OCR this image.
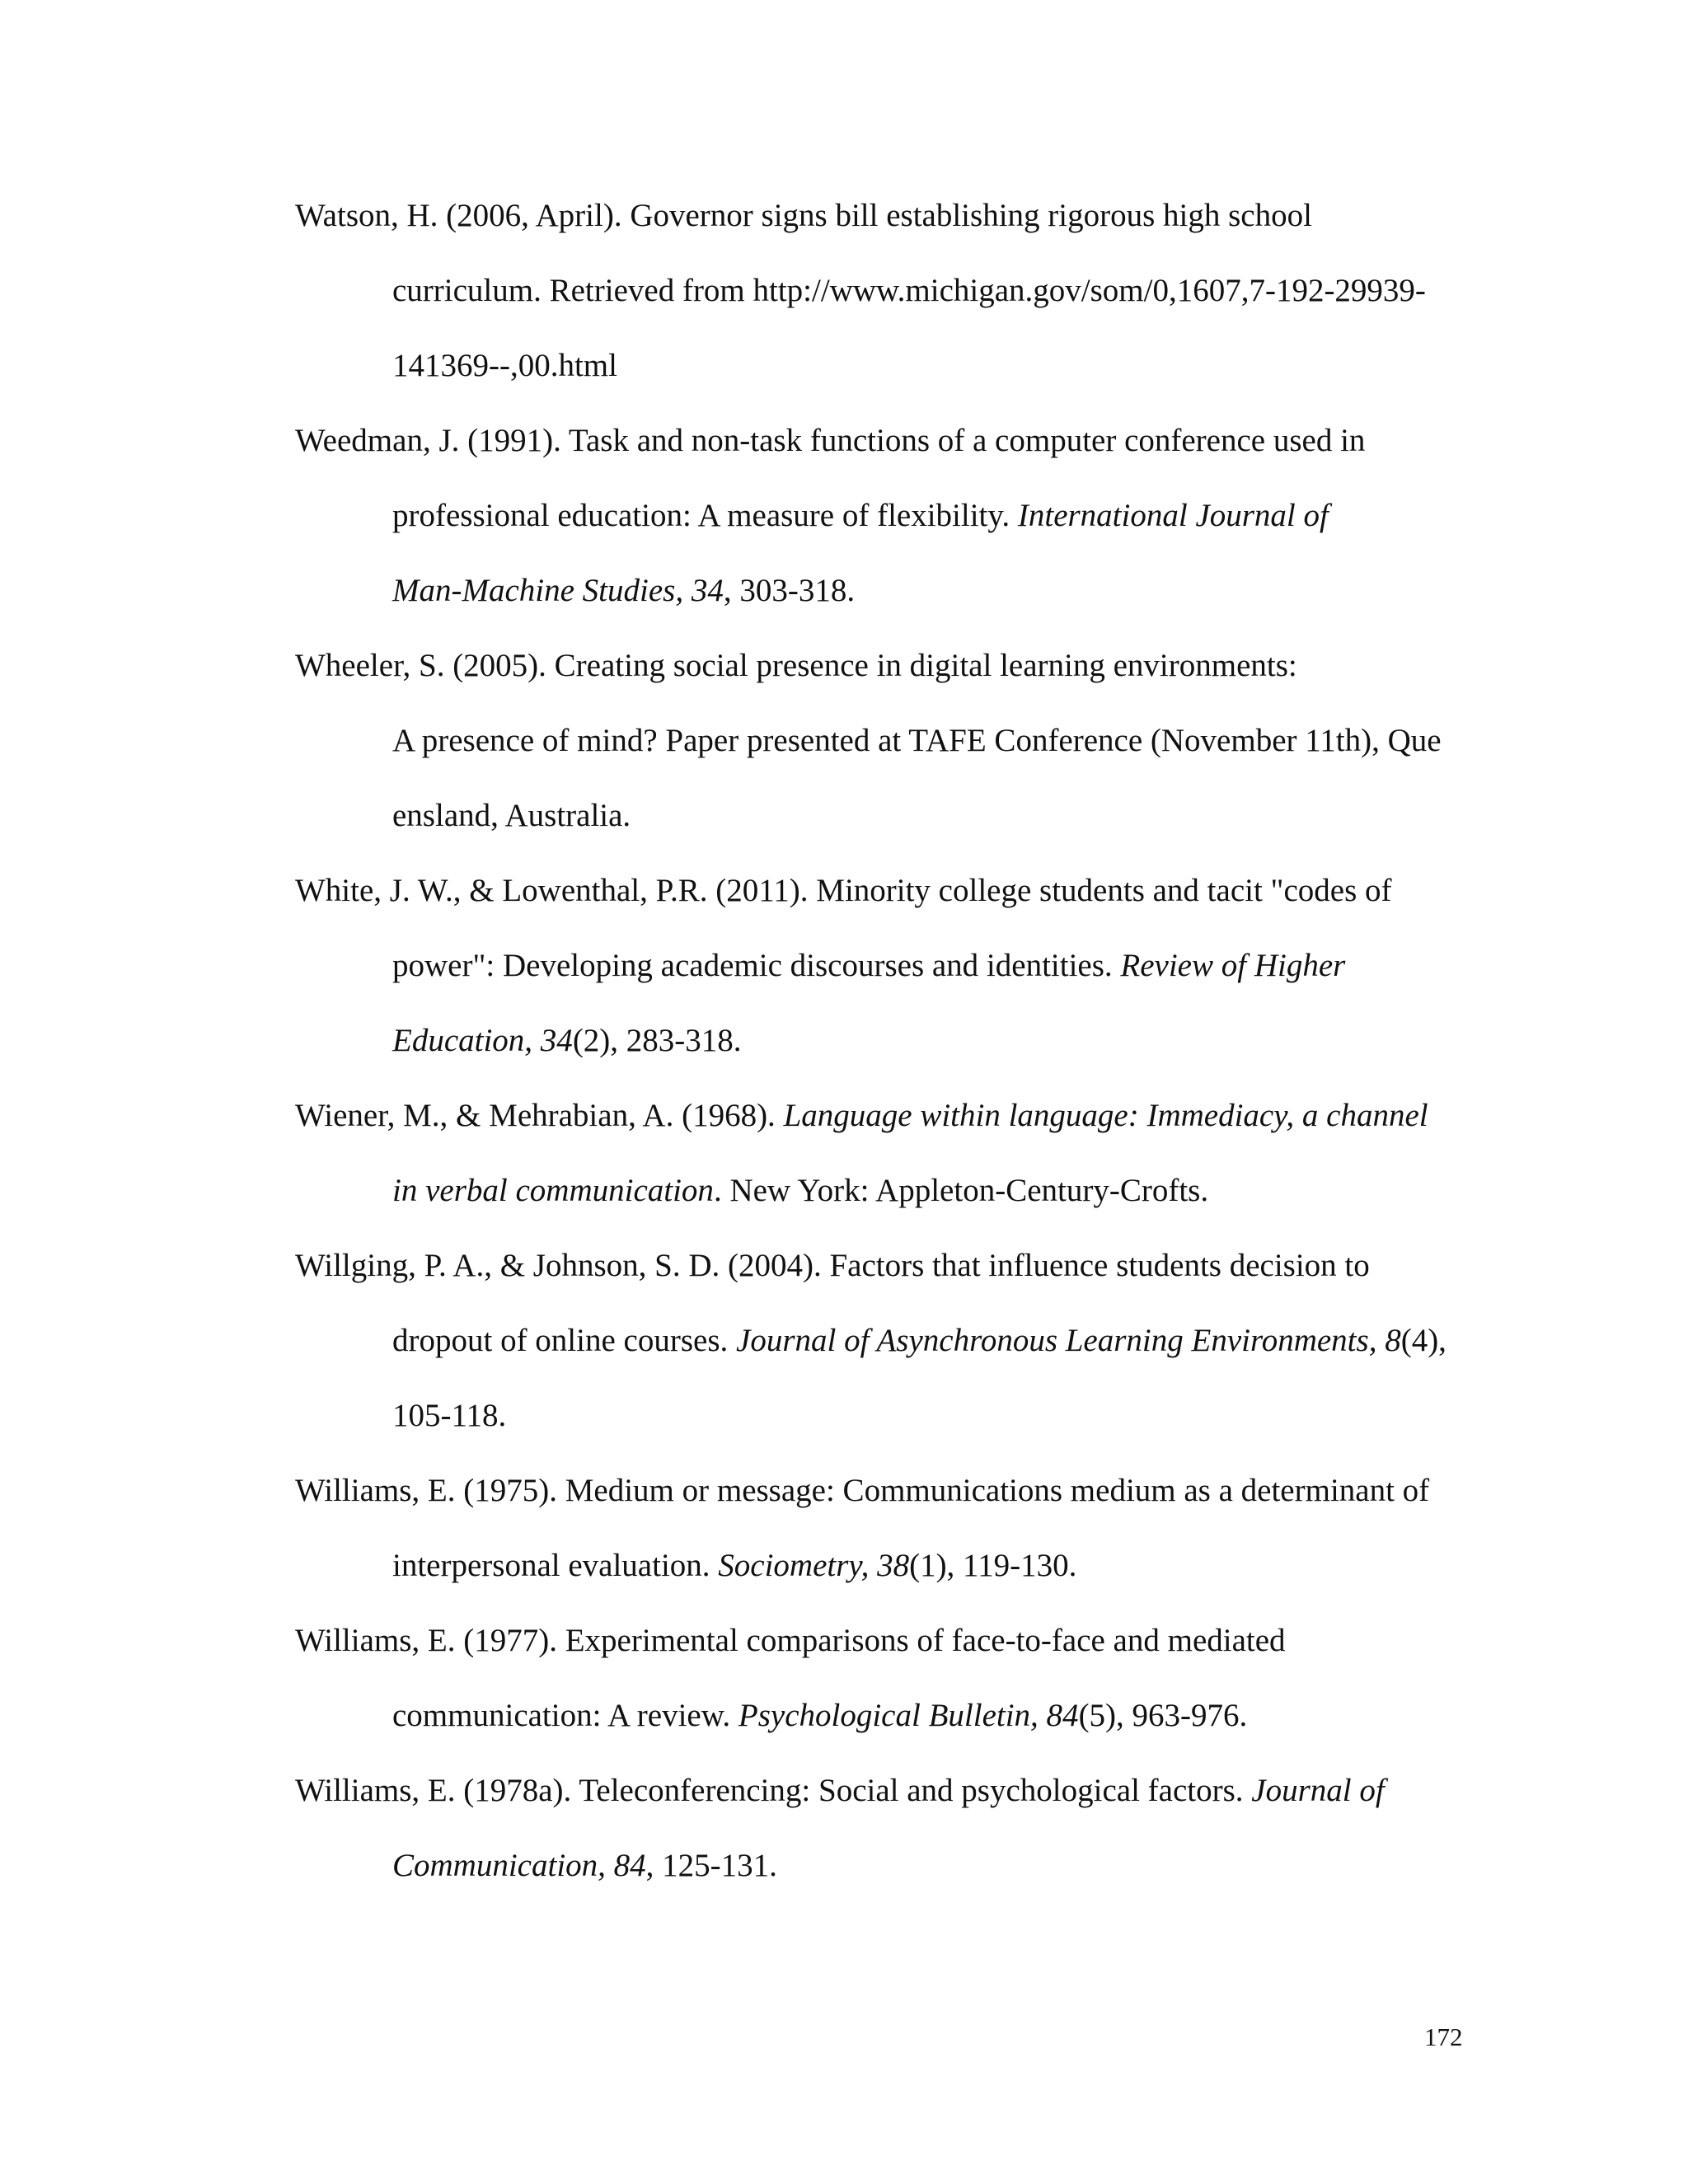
Watson, H. (2006, April). Governor signs bill establishing rigorous high school
curriculum. Retrieved from http://www.michigan.gov/som/0,1607,7-192-29939-
141369--,00.html
Weedman, J. (1991). Task and non-task functions of a computer conference used in
professional education: A measure of flexibility. International Journal of
Man-Machine Studies, 34, 303-318.
Wheeler, S. (2005). Creating social presence in digital learning environments:
A presence of mind? Paper presented at TAFE Conference (November 11th), Que
ensland, Australia.
White, J. W., & Lowenthal, P.R. (2011). Minority college students and tacit "codes of
power": Developing academic discourses and identities. Review of Higher
Education, 34(2), 283-318.
Wiener, M., & Mehrabian, A. (1968). Language within language: Immediacy, a channel
in verbal communication. New York: Appleton-Century-Crofts.
Willging, P. A., & Johnson, S. D. (2004). Factors that influence students decision to
dropout of online courses. Journal of Asynchronous Learning Environments, 8(4),
105-118.
Williams, E. (1975). Medium or message: Communications medium as a determinant of
interpersonal evaluation. Sociometry, 38(1), 119-130.
Williams, E. (1977). Experimental comparisons of face-to-face and mediated
communication: A review. Psychological Bulletin, 84(5), 963-976.
Williams, E. (1978a). Teleconferencing: Social and psychological factors. Journal of
Communication, 84, 125-131.
172
